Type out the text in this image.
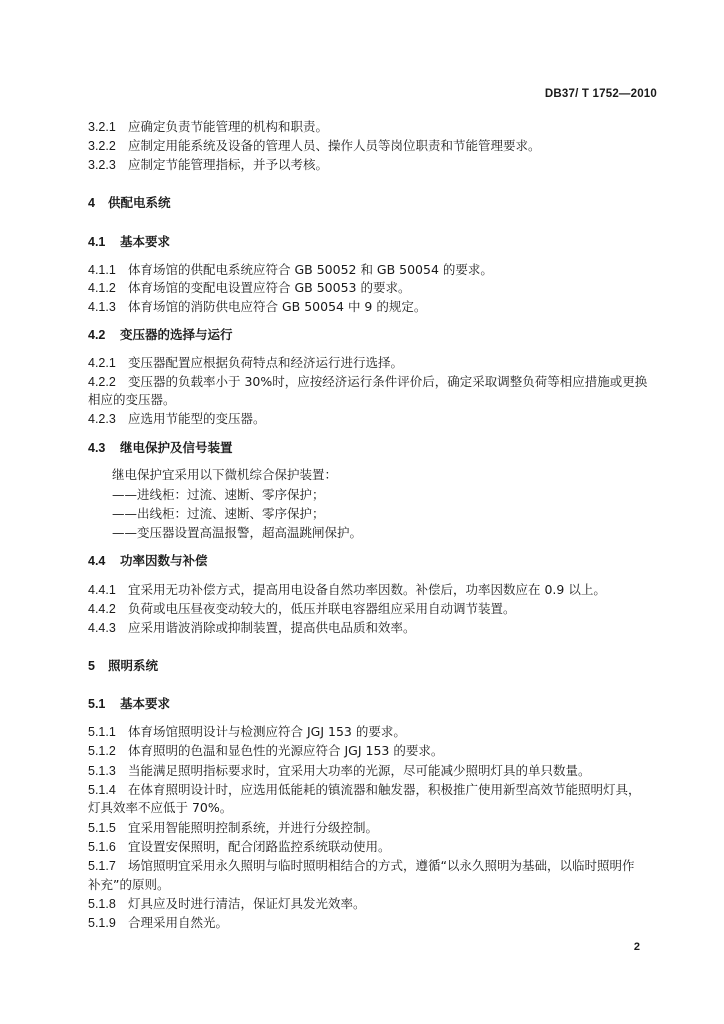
DB37/ T 1752—2010
3.2.1 应确定负责节能管理的机构和职责。
3.2.2 应制定用能系统及设备的管理人员、操作人员等岗位职责和节能管理要求。
3.2.3 应制定节能管理指标，并予以考核。
4 供配电系统
4.1 基本要求
4.1.1 体育场馆的供配电系统应符合 GB 50052 和 GB 50054 的要求。
4.1.2 体育场馆的变配电设置应符合 GB 50053 的要求。
4.1.3 体育场馆的消防供电应符合 GB 50054 中 9 的规定。
4.2 变压器的选择与运行
4.2.1 变压器配置应根据负荷特点和经济运行进行选择。
4.2.2 变压器的负载率小于 30%时，应按经济运行条件评价后，确定采取调整负荷等相应措施或更换
相应的变压器。
4.2.3 应选用节能型的变压器。
4.3 继电保护及信号装置
继电保护宜采用以下微机综合保护装置：
——进线柜：过流、速断、零序保护；
——出线柜：过流、速断、零序保护；
——变压器设置高温报警，超高温跳闸保护。
4.4 功率因数与补偿
4.4.1 宜采用无功补偿方式，提高用电设备自然功率因数。补偿后，功率因数应在 0.9 以上。
4.4.2 负荷或电压昼夜变动较大的，低压并联电容器组应采用自动调节装置。
4.4.3 应采用谐波消除或抑制装置，提高供电品质和效率。
5 照明系统
5.1 基本要求
5.1.1 体育场馆照明设计与检测应符合 JGJ 153 的要求。
5.1.2 体育照明的色温和显色性的光源应符合 JGJ 153 的要求。
5.1.3 当能满足照明指标要求时，宜采用大功率的光源，尽可能减少照明灯具的单只数量。
5.1.4 在体育照明设计时，应选用低能耗的镇流器和触发器，积极推广使用新型高效节能照明灯具，
灯具效率不应低于 70%。
5.1.5 宜采用智能照明控制系统，并进行分级控制。
5.1.6 宜设置安保照明，配合闭路监控系统联动使用。
5.1.7 场馆照明宜采用永久照明与临时照明相结合的方式，遵循“以永久照明为基础，以临时照明作
补充”的原则。
5.1.8 灯具应及时进行清洁，保证灯具发光效率。
5.1.9 合理采用自然光。
2
